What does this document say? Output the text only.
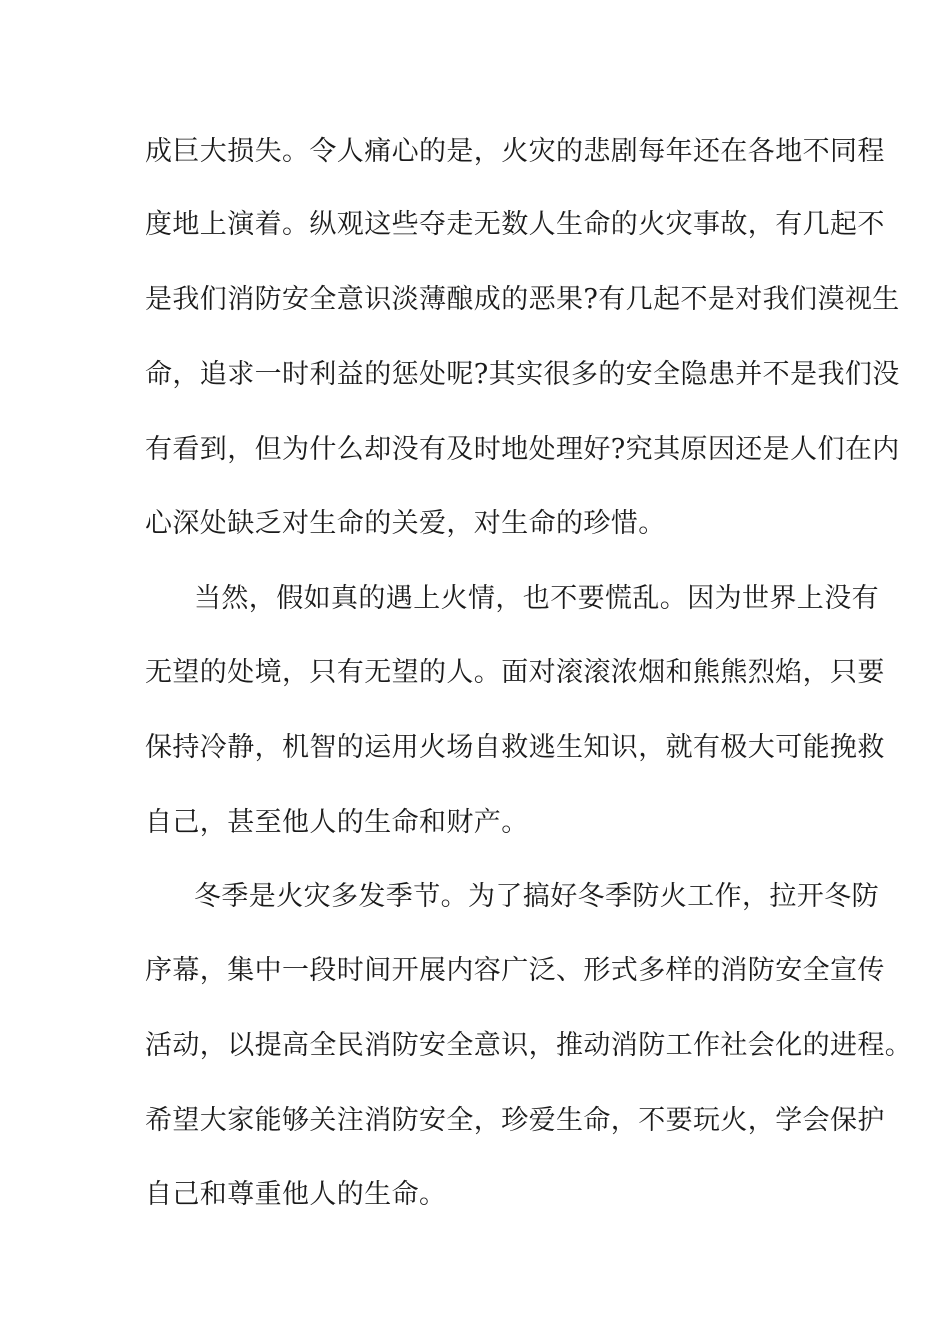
成巨大损失。令人痛心的是，火灾的悲剧每年还在各地不同程
度地上演着。纵观这些夺走无数人生命的火灾事故，有几起不
是我们消防安全意识淡薄酿成的恶果?有几起不是对我们漠视生
命，追求一时利益的惩处呢?其实很多的安全隐患并不是我们没
有看到，但为什么却没有及时地处理好?究其原因还是人们在内
心深处缺乏对生命的关爱，对生命的珍惜。
当然，假如真的遇上火情，也不要慌乱。因为世界上没有
无望的处境，只有无望的人。面对滚滚浓烟和熊熊烈焰，只要
保持冷静，机智的运用火场自救逃生知识，就有极大可能挽救
自己，甚至他人的生命和财产。
冬季是火灾多发季节。为了搞好冬季防火工作，拉开冬防
序幕，集中一段时间开展内容广泛、形式多样的消防安全宣传
活动，以提高全民消防安全意识，推动消防工作社会化的进程。
希望大家能够关注消防安全，珍爱生命，不要玩火，学会保护
自己和尊重他人的生命。
